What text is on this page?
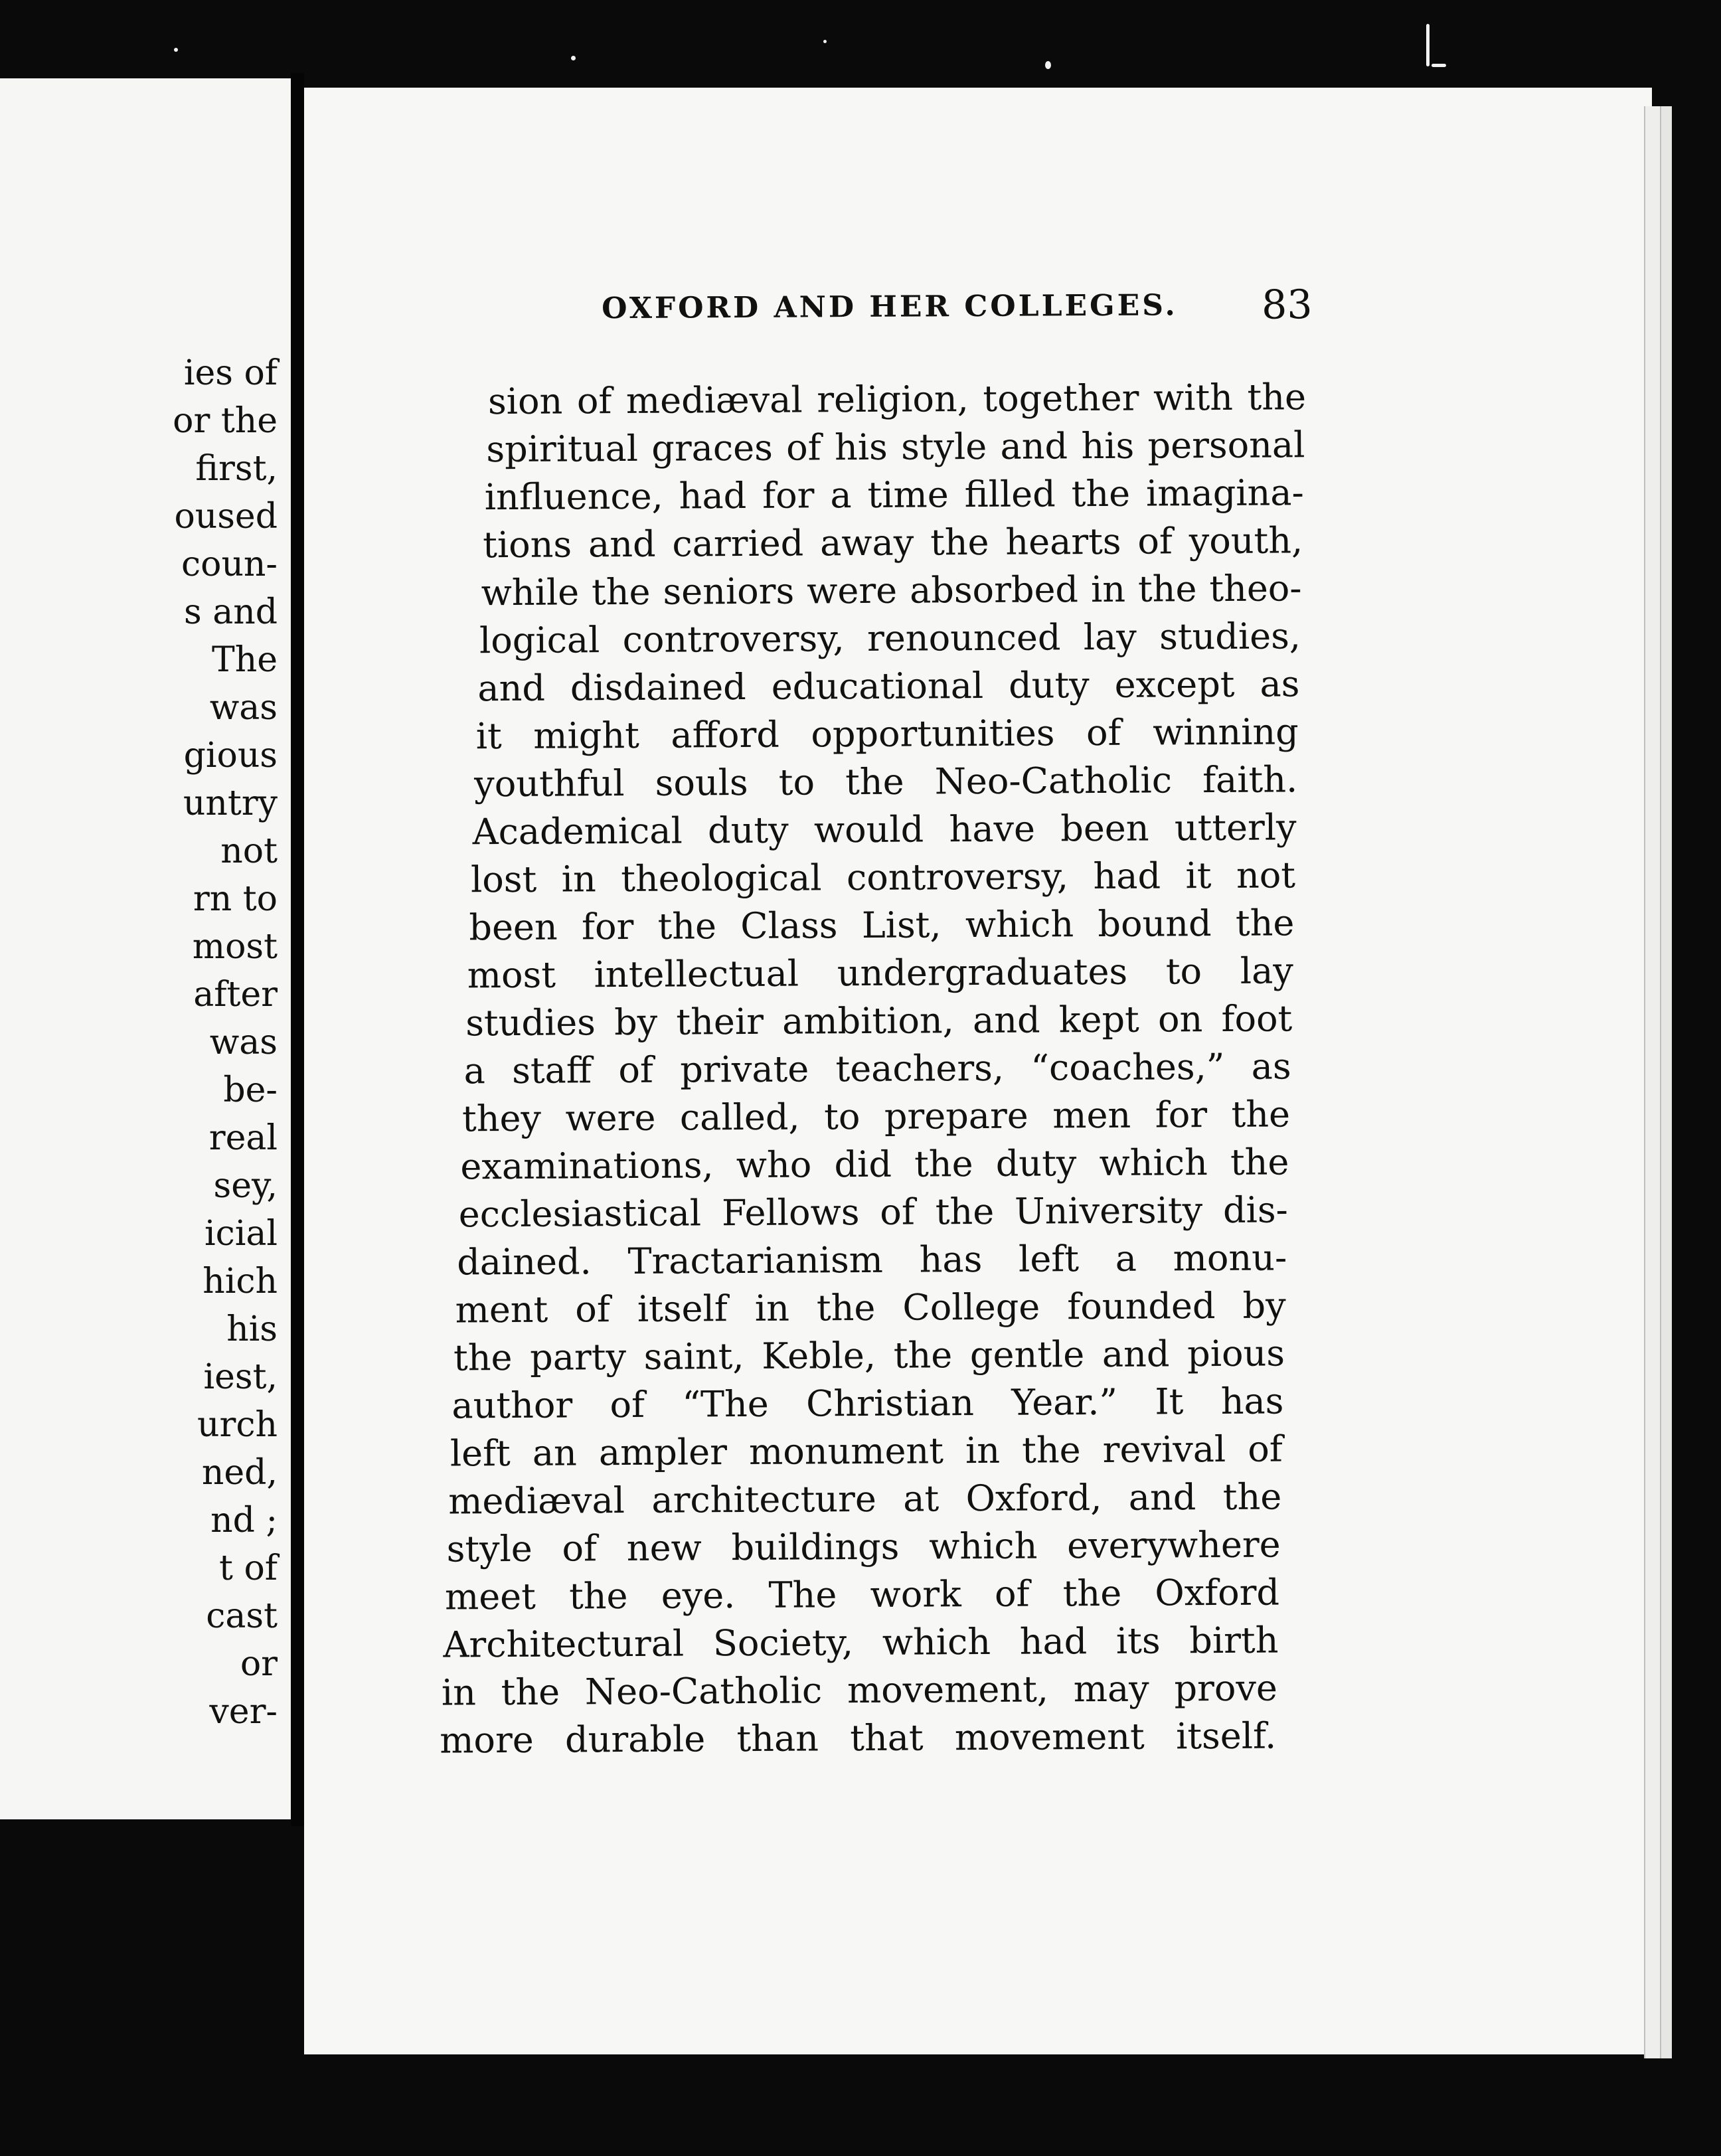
ies of

or the

first,

oused

coun-

s and

The

was

gious

untry

not

rn to

most

after

was

be-

real

sey,

icial

hich

his

iest,

urch

ned,

nd ;

t of

cast

or

ver-

OXFORD AND HER COLLEGES. 83

sion of mediæval religion, together with the

spiritual graces of his style and his personal

influence, had for a time filled the imagina-

tions and carried away the hearts of youth,

while the seniors were absorbed in the theo-

logical controversy, renounced lay studies,

and disdained educational duty except as

it might afford opportunities of winning

youthful souls to the Neo-Catholic faith.

Academical duty would have been utterly

lost in theological controversy, had it not

been for the Class List, which bound the

most intellectual undergraduates to lay

studies by their ambition, and kept on foot

a staff of private teachers, “coaches,” as

they were called, to prepare men for the

examinations, who did the duty which the

ecclesiastical Fellows of the University dis-

dained. Tractarianism has left a monu-

ment of itself in the College founded by

the party saint, Keble, the gentle and pious

author of “The Christian Year.” It has

left an ampler monument in the revival of

mediæval architecture at Oxford, and the

style of new buildings which everywhere

meet the eye. The work of the Oxford

Architectural Society, which had its birth

in the Neo-Catholic movement, may prove

more durable than that movement itself.
